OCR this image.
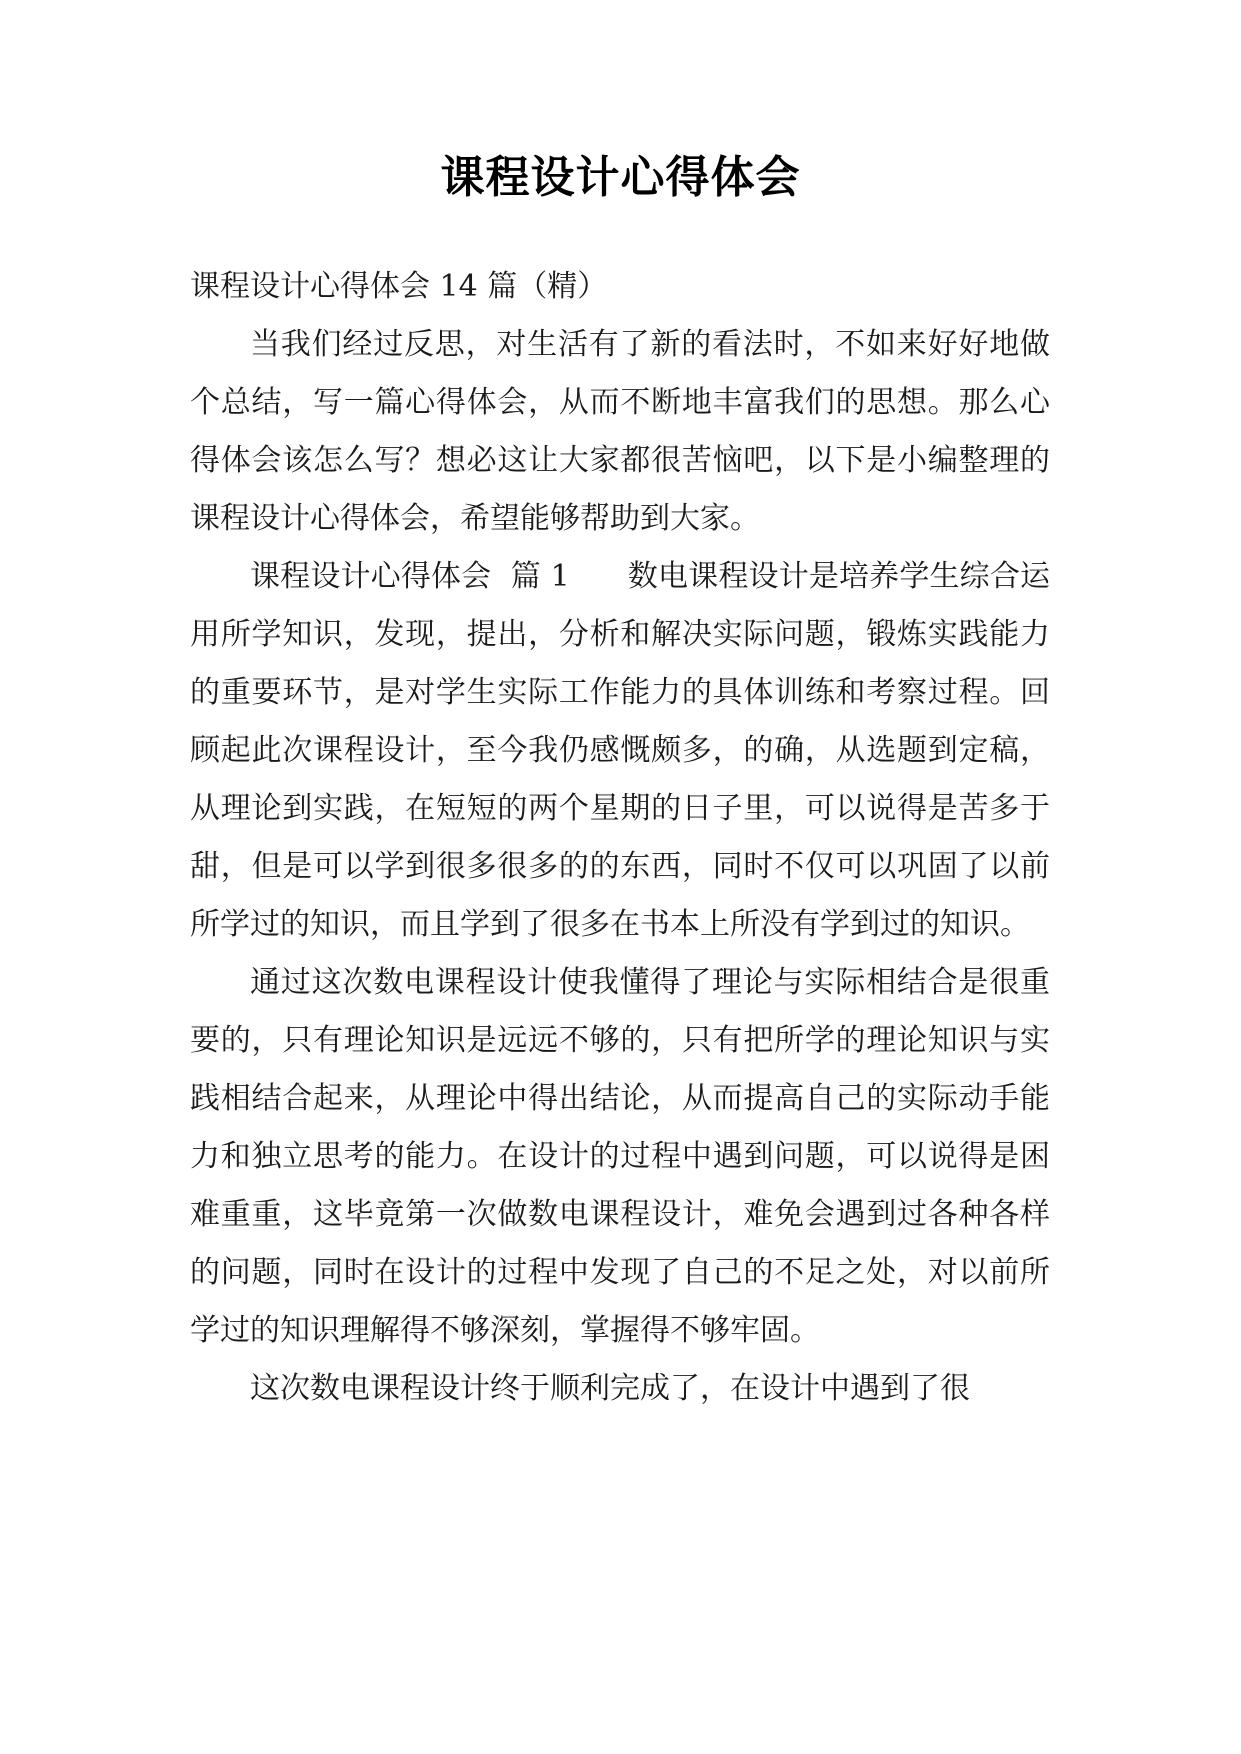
课程设计心得体会

课程设计心得体会 14 篇（精）

当我们经过反思，对生活有了新的看法时，不如来好好地做个总结，写一篇心得体会，从而不断地丰富我们的思想。那么心得体会该怎么写？想必这让大家都很苦恼吧，以下是小编整理的课程设计心得体会，希望能够帮助到大家。

课程设计心得体会  篇 1 数电课程设计是培养学生综合运用所学知识，发现，提出，分析和解决实际问题，锻炼实践能力的重要环节，是对学生实际工作能力的具体训练和考察过程。回顾起此次课程设计，至今我仍感慨颇多，的确，从选题到定稿，从理论到实践，在短短的两个星期的日子里，可以说得是苦多于甜，但是可以学到很多很多的的东西，同时不仅可以巩固了以前所学过的知识，而且学到了很多在书本上所没有学到过的知识。

通过这次数电课程设计使我懂得了理论与实际相结合是很重要的，只有理论知识是远远不够的，只有把所学的理论知识与实践相结合起来，从理论中得出结论，从而提高自己的实际动手能力和独立思考的能力。在设计的过程中遇到问题，可以说得是困难重重，这毕竟第一次做数电课程设计，难免会遇到过各种各样的问题，同时在设计的过程中发现了自己的不足之处，对以前所学过的知识理解得不够深刻，掌握得不够牢固。

这次数电课程设计终于顺利完成了，在设计中遇到了很
